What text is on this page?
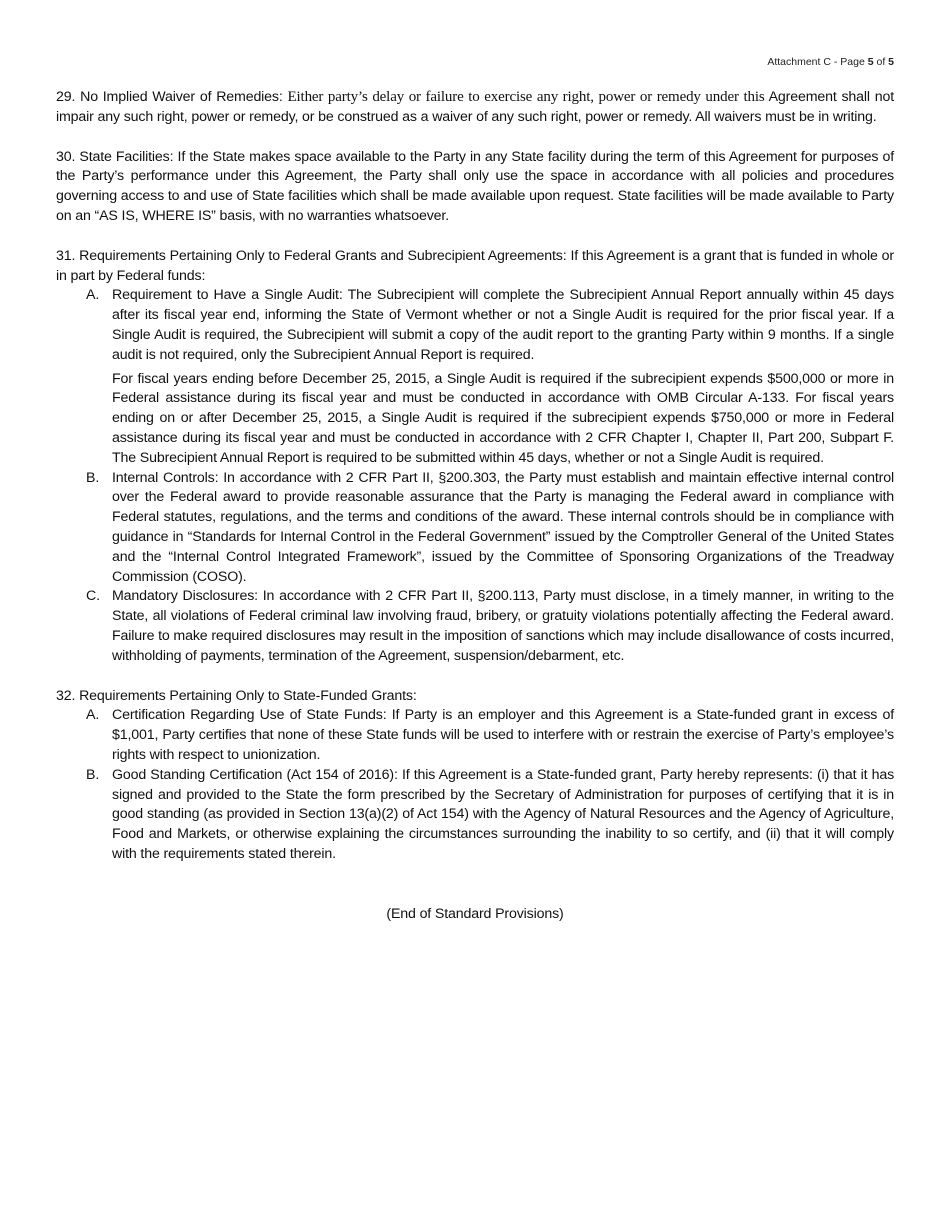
Attachment C - Page 5 of 5

29. No Implied Waiver of Remedies: Either party’s delay or failure to exercise any right, power or remedy under this Agreement shall not impair any such right, power or remedy, or be construed as a waiver of any such right, power or remedy. All waivers must be in writing.

30. State Facilities: If the State makes space available to the Party in any State facility during the term of this Agreement for purposes of the Party’s performance under this Agreement, the Party shall only use the space in accordance with all policies and procedures governing access to and use of State facilities which shall be made available upon request. State facilities will be made available to Party on an “AS IS, WHERE IS” basis, with no warranties whatsoever.

31. Requirements Pertaining Only to Federal Grants and Subrecipient Agreements: If this Agreement is a grant that is funded in whole or in part by Federal funds:

A. Requirement to Have a Single Audit: The Subrecipient will complete the Subrecipient Annual Report annually within 45 days after its fiscal year end, informing the State of Vermont whether or not a Single Audit is required for the prior fiscal year. If a Single Audit is required, the Subrecipient will submit a copy of the audit report to the granting Party within 9 months. If a single audit is not required, only the Subrecipient Annual Report is required.

For fiscal years ending before December 25, 2015, a Single Audit is required if the subrecipient expends $500,000 or more in Federal assistance during its fiscal year and must be conducted in accordance with OMB Circular A-133. For fiscal years ending on or after December 25, 2015, a Single Audit is required if the subrecipient expends $750,000 or more in Federal assistance during its fiscal year and must be conducted in accordance with 2 CFR Chapter I, Chapter II, Part 200, Subpart F. The Subrecipient Annual Report is required to be submitted within 45 days, whether or not a Single Audit is required.

B. Internal Controls: In accordance with 2 CFR Part II, §200.303, the Party must establish and maintain effective internal control over the Federal award to provide reasonable assurance that the Party is managing the Federal award in compliance with Federal statutes, regulations, and the terms and conditions of the award. These internal controls should be in compliance with guidance in “Standards for Internal Control in the Federal Government” issued by the Comptroller General of the United States and the “Internal Control Integrated Framework”, issued by the Committee of Sponsoring Organizations of the Treadway Commission (COSO).

C. Mandatory Disclosures: In accordance with 2 CFR Part II, §200.113, Party must disclose, in a timely manner, in writing to the State, all violations of Federal criminal law involving fraud, bribery, or gratuity violations potentially affecting the Federal award. Failure to make required disclosures may result in the imposition of sanctions which may include disallowance of costs incurred, withholding of payments, termination of the Agreement, suspension/debarment, etc.

32. Requirements Pertaining Only to State-Funded Grants:

A. Certification Regarding Use of State Funds: If Party is an employer and this Agreement is a State-funded grant in excess of $1,001, Party certifies that none of these State funds will be used to interfere with or restrain the exercise of Party’s employee’s rights with respect to unionization.

B. Good Standing Certification (Act 154 of 2016): If this Agreement is a State-funded grant, Party hereby represents: (i) that it has signed and provided to the State the form prescribed by the Secretary of Administration for purposes of certifying that it is in good standing (as provided in Section 13(a)(2) of Act 154) with the Agency of Natural Resources and the Agency of Agriculture, Food and Markets, or otherwise explaining the circumstances surrounding the inability to so certify, and (ii) that it will comply with the requirements stated therein.

(End of Standard Provisions)
